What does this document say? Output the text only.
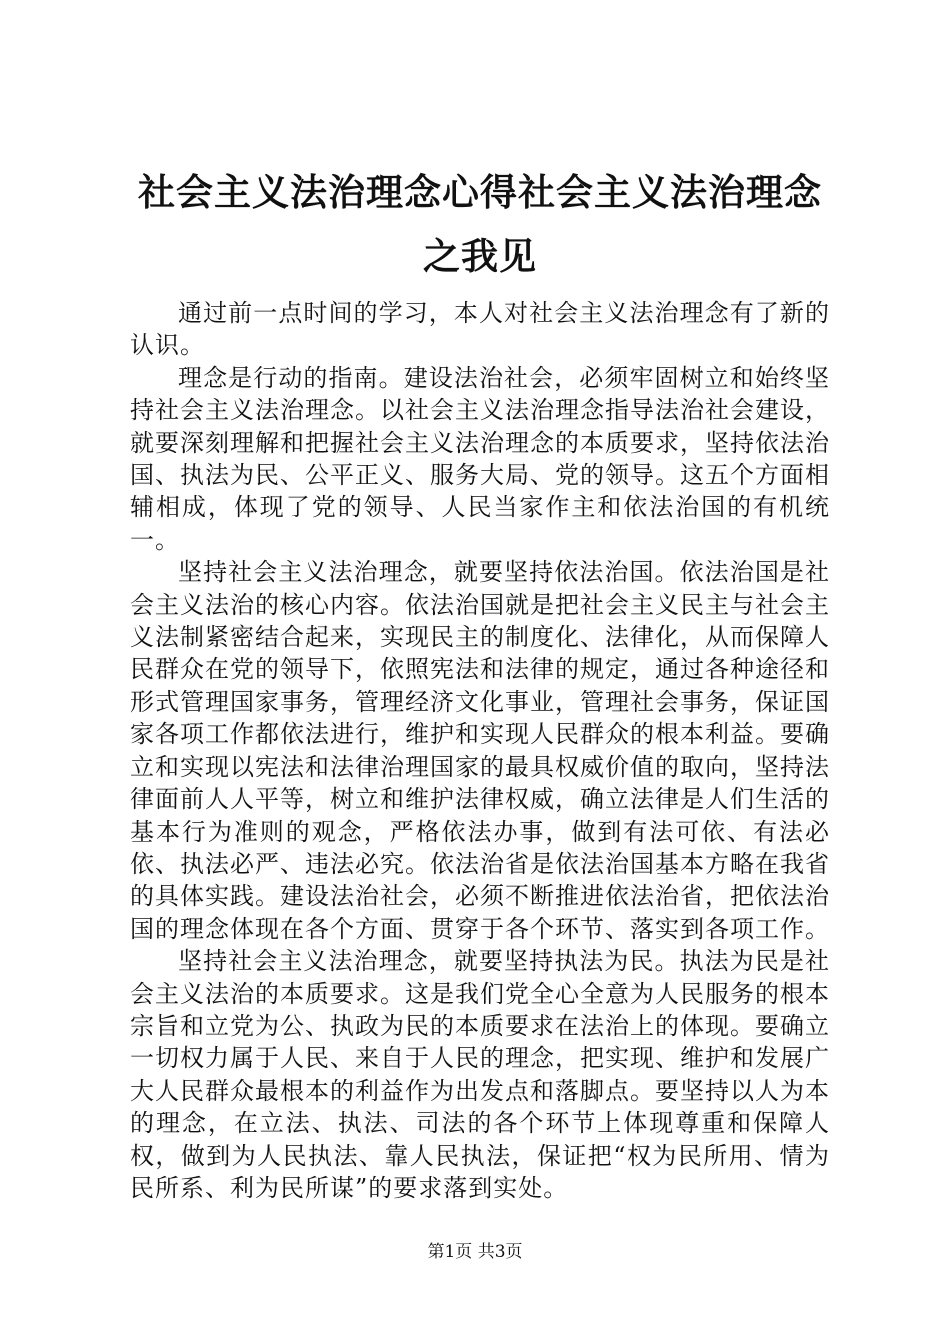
社会主义法治理念心得社会主义法治理念之我见

通过前一点时间的学习，本人对社会主义法治理念有了新的认识。

理念是行动的指南。建设法治社会，必须牢固树立和始终坚持社会主义法治理念。以社会主义法治理念指导法治社会建设，就要深刻理解和把握社会主义法治理念的本质要求，坚持依法治国、执法为民、公平正义、服务大局、党的领导。这五个方面相辅相成，体现了党的领导、人民当家作主和依法治国的有机统一。

坚持社会主义法治理念，就要坚持依法治国。依法治国是社会主义法治的核心内容。依法治国就是把社会主义民主与社会主义法制紧密结合起来，实现民主的制度化、法律化，从而保障人民群众在党的领导下，依照宪法和法律的规定，通过各种途径和形式管理国家事务，管理经济文化事业，管理社会事务，保证国家各项工作都依法进行，维护和实现人民群众的根本利益。要确立和实现以宪法和法律治理国家的最具权威价值的取向，坚持法律面前人人平等，树立和维护法律权威，确立法律是人们生活的基本行为准则的观念，严格依法办事，做到有法可依、有法必依、执法必严、违法必究。依法治省是依法治国基本方略在我省的具体实践。建设法治社会，必须不断推进依法治省，把依法治国的理念体现在各个方面、贯穿于各个环节、落实到各项工作。

坚持社会主义法治理念，就要坚持执法为民。执法为民是社会主义法治的本质要求。这是我们党全心全意为人民服务的根本宗旨和立党为公、执政为民的本质要求在法治上的体现。要确立一切权力属于人民、来自于人民的理念，把实现、维护和发展广大人民群众最根本的利益作为出发点和落脚点。要坚持以人为本的理念，在立法、执法、司法的各个环节上体现尊重和保障人权，做到为人民执法、靠人民执法，保证把“权为民所用、情为民所系、利为民所谋”的要求落到实处。

第1页 共3页
